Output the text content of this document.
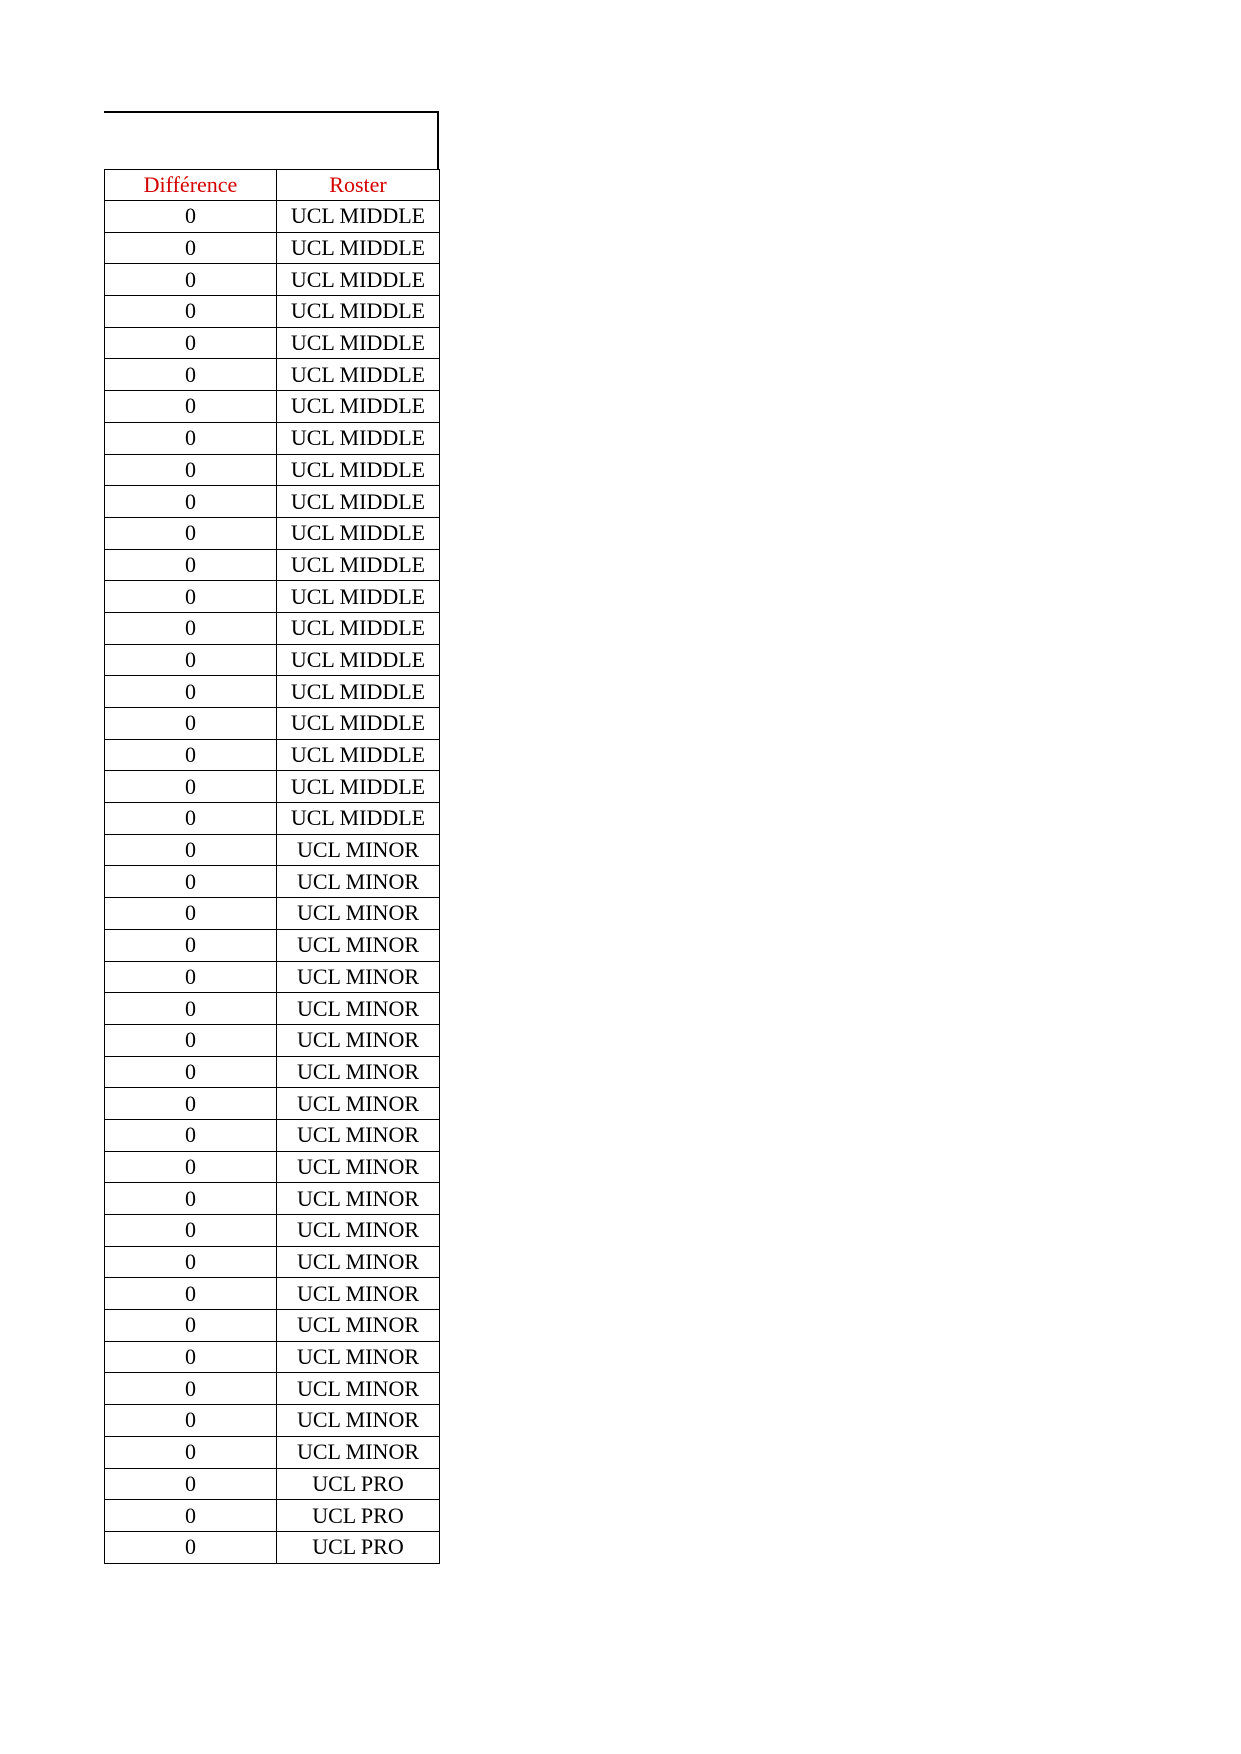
Différence	Roster
0	UCL MIDDLE
0	UCL MIDDLE
0	UCL MIDDLE
0	UCL MIDDLE
0	UCL MIDDLE
0	UCL MIDDLE
0	UCL MIDDLE
0	UCL MIDDLE
0	UCL MIDDLE
0	UCL MIDDLE
0	UCL MIDDLE
0	UCL MIDDLE
0	UCL MIDDLE
0	UCL MIDDLE
0	UCL MIDDLE
0	UCL MIDDLE
0	UCL MIDDLE
0	UCL MIDDLE
0	UCL MIDDLE
0	UCL MIDDLE
0	UCL MINOR
0	UCL MINOR
0	UCL MINOR
0	UCL MINOR
0	UCL MINOR
0	UCL MINOR
0	UCL MINOR
0	UCL MINOR
0	UCL MINOR
0	UCL MINOR
0	UCL MINOR
0	UCL MINOR
0	UCL MINOR
0	UCL MINOR
0	UCL MINOR
0	UCL MINOR
0	UCL MINOR
0	UCL MINOR
0	UCL MINOR
0	UCL MINOR
0	UCL PRO
0	UCL PRO
0	UCL PRO
